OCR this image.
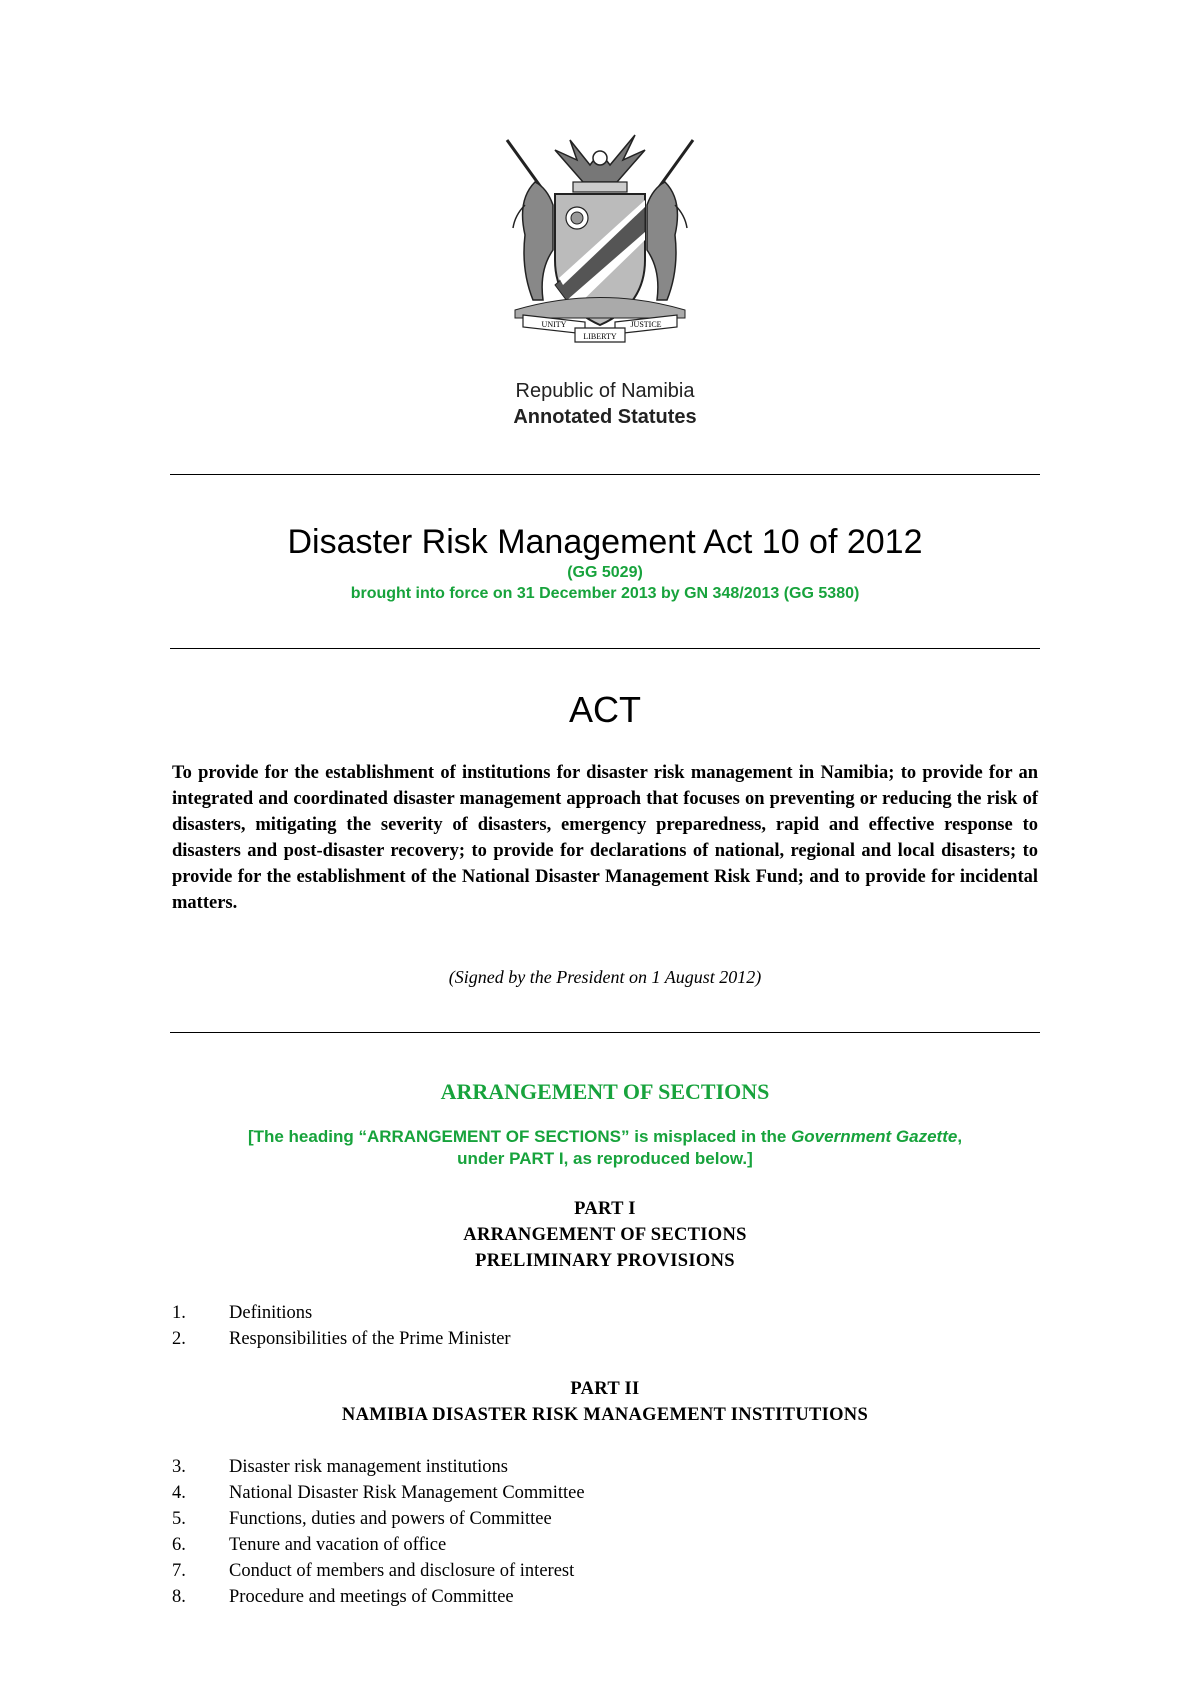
UNITY	JUSTICE
LIBERTY
Republic of Namibia
Annotated Statutes
Disaster Risk Management Act 10 of 2012
(GG 5029)
brought into force on 31 December 2013 by GN 348/2013 (GG 5380)
ACT
To provide for the establishment of institutions for disaster risk management in Namibia; to provide for an integrated and coordinated disaster management approach that focuses on preventing or reducing the risk of disasters, mitigating the severity of disasters, emergency preparedness, rapid and effective response to disasters and post-disaster recovery; to provide for declarations of national, regional and local disasters; to provide for the establishment of the National Disaster Management Risk Fund; and to provide for incidental matters.
(Signed by the President on 1 August 2012)
ARRANGEMENT OF SECTIONS
[The heading “ARRANGEMENT OF SECTIONS” is misplaced in the Government Gazette,
under PART I, as reproduced below.]
PART I
ARRANGEMENT OF SECTIONS
PRELIMINARY PROVISIONS
1.	Definitions
2.	Responsibilities of the Prime Minister
PART II
NAMIBIA DISASTER RISK MANAGEMENT INSTITUTIONS
3.	Disaster risk management institutions
4.	National Disaster Risk Management Committee
5.	Functions, duties and powers of Committee
6.	Tenure and vacation of office
7.	Conduct of members and disclosure of interest
8.	Procedure and meetings of Committee
